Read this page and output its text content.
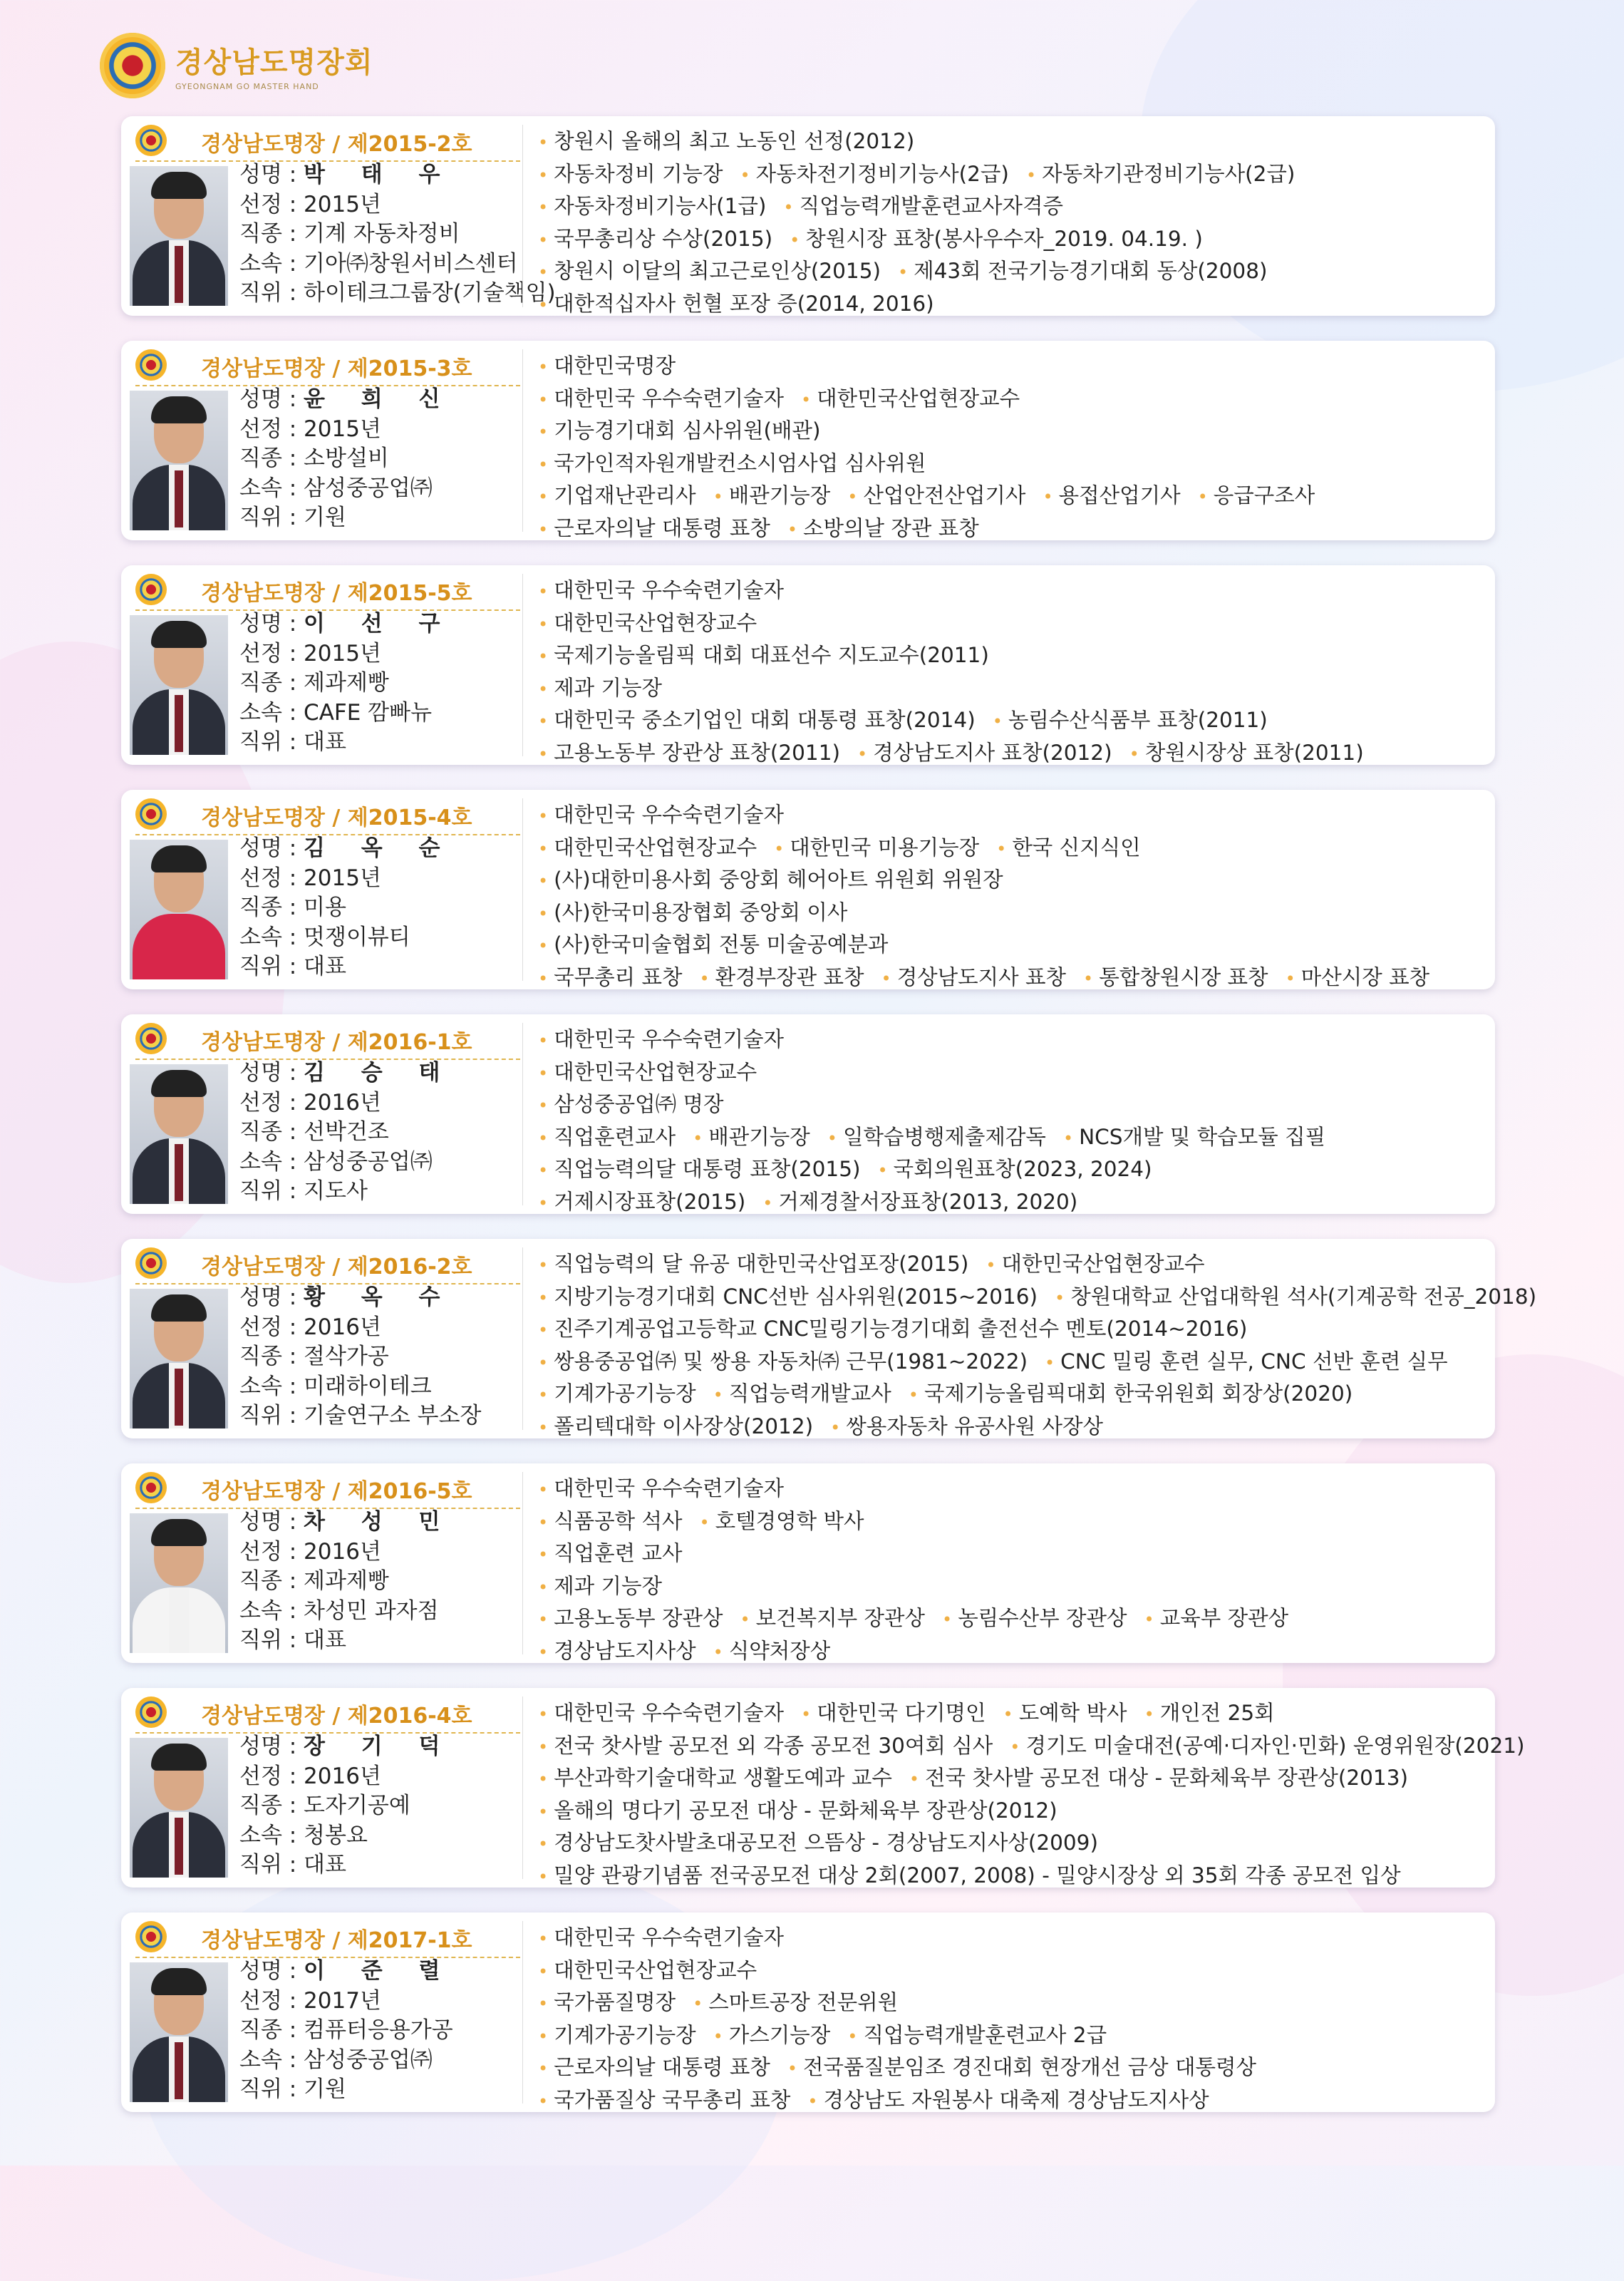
경상남도명장회
GYEONGNAM GO MASTER HAND
경상남도명장 / 제2015-2호
성명 : 박 태 우
선정 : 2015년
직종 : 기계 자동차정비
소속 : 기아㈜창원서비스센터
직위 : 하이테크그룹장(기술책임)
• 창원시 올해의 최고 노동인 선정(2012)
• 자동차정비 기능장 • 자동차전기정비기능사(2급) • 자동차기관정비기능사(2급)
• 자동차정비기능사(1급) • 직업능력개발훈련교사자격증
• 국무총리상 수상(2015) • 창원시장 표창(봉사우수자_2019. 04.19. )
• 창원시 이달의 최고근로인상(2015) • 제43회 전국기능경기대회 동상(2008)
• 대한적십자사 헌혈 포장 증(2014, 2016)
경상남도명장 / 제2015-3호
성명 : 윤 희 신
선정 : 2015년
직종 : 소방설비
소속 : 삼성중공업㈜
직위 : 기원
• 대한민국명장
• 대한민국 우수숙련기술자 • 대한민국산업현장교수
• 기능경기대회 심사위원(배관)
• 국가인적자원개발컨소시엄사업 심사위원
• 기업재난관리사 • 배관기능장 • 산업안전산업기사 • 용접산업기사 • 응급구조사
• 근로자의날 대통령 표창 • 소방의날 장관 표창
경상남도명장 / 제2015-5호
성명 : 이 선 구
선정 : 2015년
직종 : 제과제빵
소속 : CAFE 깜빠뉴
직위 : 대표
• 대한민국 우수숙련기술자
• 대한민국산업현장교수
• 국제기능올림픽 대회 대표선수 지도교수(2011)
• 제과 기능장
• 대한민국 중소기업인 대회 대통령 표창(2014) • 농림수산식품부 표창(2011)
• 고용노동부 장관상 표창(2011) • 경상남도지사 표창(2012) • 창원시장상 표창(2011)
경상남도명장 / 제2015-4호
성명 : 김 옥 순
선정 : 2015년
직종 : 미용
소속 : 멋쟁이뷰티
직위 : 대표
• 대한민국 우수숙련기술자
• 대한민국산업현장교수 • 대한민국 미용기능장 • 한국 신지식인
• (사)대한미용사회 중앙회 헤어아트 위원회 위원장
• (사)한국미용장협회 중앙회 이사
• (사)한국미술협회 전통 미술공예분과
• 국무총리 표창 • 환경부장관 표창 • 경상남도지사 표창 • 통합창원시장 표창 • 마산시장 표창
경상남도명장 / 제2016-1호
성명 : 김 승 태
선정 : 2016년
직종 : 선박건조
소속 : 삼성중공업㈜
직위 : 지도사
• 대한민국 우수숙련기술자
• 대한민국산업현장교수
• 삼성중공업㈜ 명장
• 직업훈련교사 • 배관기능장 • 일학습병행제출제감독 • NCS개발 및 학습모듈 집필
• 직업능력의달 대통령 표창(2015) • 국회의원표창(2023, 2024)
• 거제시장표창(2015) • 거제경찰서장표창(2013, 2020)
경상남도명장 / 제2016-2호
성명 : 황 옥 수
선정 : 2016년
직종 : 절삭가공
소속 : 미래하이테크
직위 : 기술연구소 부소장
• 직업능력의 달 유공 대한민국산업포장(2015) • 대한민국산업현장교수
• 지방기능경기대회 CNC선반 심사위원(2015~2016) • 창원대학교 산업대학원 석사(기계공학 전공_2018)
• 진주기계공업고등학교 CNC밀링기능경기대회 출전선수 멘토(2014~2016)
• 쌍용중공업㈜ 및 쌍용 자동차㈜ 근무(1981~2022) • CNC 밀링 훈련 실무, CNC 선반 훈련 실무
• 기계가공기능장 • 직업능력개발교사 • 국제기능올림픽대회 한국위원회 회장상(2020)
• 폴리텍대학 이사장상(2012) • 쌍용자동차 유공사원 사장상
경상남도명장 / 제2016-5호
성명 : 차 성 민
선정 : 2016년
직종 : 제과제빵
소속 : 차성민 과자점
직위 : 대표
• 대한민국 우수숙련기술자
• 식품공학 석사 • 호텔경영학 박사
• 직업훈련 교사
• 제과 기능장
• 고용노동부 장관상 • 보건복지부 장관상 • 농림수산부 장관상 • 교육부 장관상
• 경상남도지사상 • 식약처장상
경상남도명장 / 제2016-4호
성명 : 장 기 덕
선정 : 2016년
직종 : 도자기공예
소속 : 청봉요
직위 : 대표
• 대한민국 우수숙련기술자 • 대한민국 다기명인 • 도예학 박사 • 개인전 25회
• 전국 찻사발 공모전 외 각종 공모전 30여회 심사 • 경기도 미술대전(공예·디자인·민화) 운영위원장(2021)
• 부산과학기술대학교 생활도예과 교수 • 전국 찻사발 공모전 대상 - 문화체육부 장관상(2013)
• 올해의 명다기 공모전 대상 - 문화체육부 장관상(2012)
• 경상남도찻사발초대공모전 으뜸상 - 경상남도지사상(2009)
• 밀양 관광기념품 전국공모전 대상 2회(2007, 2008) - 밀양시장상 외 35회 각종 공모전 입상
경상남도명장 / 제2017-1호
성명 : 이 준 렬
선정 : 2017년
직종 : 컴퓨터응용가공
소속 : 삼성중공업㈜
직위 : 기원
• 대한민국 우수숙련기술자
• 대한민국산업현장교수
• 국가품질명장 • 스마트공장 전문위원
• 기계가공기능장 • 가스기능장 • 직업능력개발훈련교사 2급
• 근로자의날 대통령 표창 • 전국품질분임조 경진대회 현장개선 금상 대통령상
• 국가품질상 국무총리 표창 • 경상남도 자원봉사 대축제 경상남도지사상
